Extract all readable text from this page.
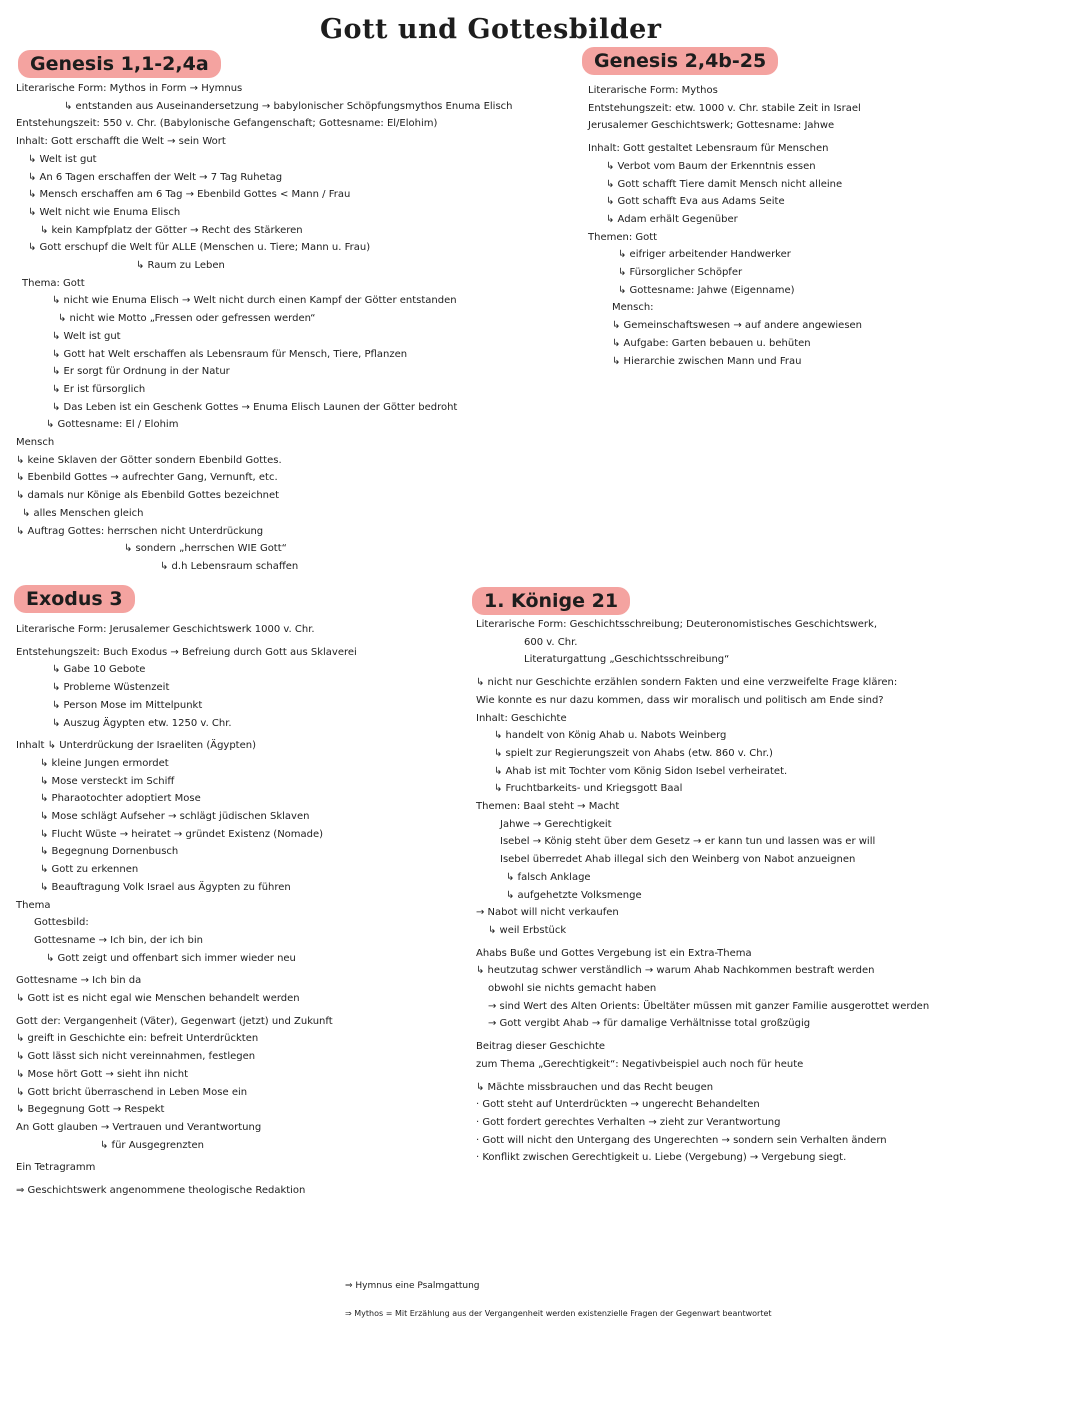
Gott und Gottesbilder
Genesis 1,1-2,4a
Literarische Form: Mythos in Form → Hymnus
↳ entstanden aus Auseinandersetzung → babylonischer Schöpfungsmythos Enuma Elisch
Entstehungszeit: 550 v. Chr. (Babylonische Gefangenschaft; Gottesname: El/Elohim)
Inhalt: Gott erschafft die Welt → sein Wort
↳ Welt ist gut
↳ An 6 Tagen erschaffen der Welt → 7 Tag Ruhetag
↳ Mensch erschaffen am 6 Tag → Ebenbild Gottes < Mann / Frau
↳ Welt nicht wie Enuma Elisch
↳ kein Kampfplatz der Götter → Recht des Stärkeren
↳ Gott erschupf die Welt für ALLE (Menschen u. Tiere; Mann u. Frau)
↳ Raum zu Leben
Thema: Gott
↳ nicht wie Enuma Elisch → Welt nicht durch einen Kampf der Götter entstanden
↳ nicht wie Motto „Fressen oder gefressen werden“
↳ Welt ist gut
↳ Gott hat Welt erschaffen als Lebensraum für Mensch, Tiere, Pflanzen
↳ Er sorgt für Ordnung in der Natur
↳ Er ist fürsorglich
↳ Das Leben ist ein Geschenk Gottes → Enuma Elisch Launen der Götter bedroht
↳ Gottesname: El / Elohim
Mensch
↳ keine Sklaven der Götter sondern Ebenbild Gottes.
↳ Ebenbild Gottes → aufrechter Gang, Vernunft, etc.
↳ damals nur Könige als Ebenbild Gottes bezeichnet
↳ alles Menschen gleich
↳ Auftrag Gottes: herrschen nicht Unterdrückung
↳ sondern „herrschen WIE Gott“
↳ d.h Lebensraum schaffen
Genesis 2,4b-25
Literarische Form: Mythos
Entstehungszeit: etw. 1000 v. Chr. stabile Zeit in Israel
Jerusalemer Geschichtswerk; Gottesname: Jahwe
Inhalt: Gott gestaltet Lebensraum für Menschen
↳ Verbot vom Baum der Erkenntnis essen
↳ Gott schafft Tiere damit Mensch nicht alleine
↳ Gott schafft Eva aus Adams Seite
↳ Adam erhält Gegenüber
Themen: Gott
↳ eifriger arbeitender Handwerker
↳ Fürsorglicher Schöpfer
↳ Gottesname: Jahwe (Eigenname)
Mensch:
↳ Gemeinschaftswesen → auf andere angewiesen
↳ Aufgabe: Garten bebauen u. behüten
↳ Hierarchie zwischen Mann und Frau
Exodus 3
Literarische Form: Jerusalemer Geschichtswerk 1000 v. Chr.
Entstehungszeit: Buch Exodus → Befreiung durch Gott aus Sklaverei
↳ Gabe 10 Gebote
↳ Probleme Wüstenzeit
↳ Person Mose im Mittelpunkt
↳ Auszug Ägypten etw. 1250 v. Chr.
Inhalt ↳ Unterdrückung der Israeliten (Ägypten)
↳ kleine Jungen ermordet
↳ Mose versteckt im Schiff
↳ Pharaotochter adoptiert Mose
↳ Mose schlägt Aufseher → schlägt jüdischen Sklaven
↳ Flucht Wüste → heiratet → gründet Existenz (Nomade)
↳ Begegnung Dornenbusch
↳ Gott zu erkennen
↳ Beauftragung Volk Israel aus Ägypten zu führen
Thema
Gottesbild:
Gottesname → Ich bin, der ich bin
↳ Gott zeigt und offenbart sich immer wieder neu
Gottesname → Ich bin da
↳ Gott ist es nicht egal wie Menschen behandelt werden
Gott der: Vergangenheit (Väter), Gegenwart (jetzt) und Zukunft
↳ greift in Geschichte ein: befreit Unterdrückten
↳ Gott lässt sich nicht vereinnahmen, festlegen
↳ Mose hört Gott → sieht ihn nicht
↳ Gott bricht überraschend in Leben Mose ein
↳ Begegnung Gott → Respekt
An Gott glauben → Vertrauen und Verantwortung
↳ für Ausgegrenzten
Ein Tetragramm
⇒ Geschichtswerk angenommene theologische Redaktion
1. Könige 21
Literarische Form: Geschichtsschreibung; Deuteronomistisches Geschichtswerk,
600 v. Chr.
Literaturgattung „Geschichtsschreibung“
↳ nicht nur Geschichte erzählen sondern Fakten und eine verzweifelte Frage klären:
Wie konnte es nur dazu kommen, dass wir moralisch und politisch am Ende sind?
Inhalt: Geschichte
↳ handelt von König Ahab u. Nabots Weinberg
↳ spielt zur Regierungszeit von Ahabs (etw. 860 v. Chr.)
↳ Ahab ist mit Tochter vom König Sidon Isebel verheiratet.
↳ Fruchtbarkeits- und Kriegsgott Baal
Themen: Baal steht → Macht
Jahwe → Gerechtigkeit
Isebel → König steht über dem Gesetz → er kann tun und lassen was er will
Isebel überredet Ahab illegal sich den Weinberg von Nabot anzueignen
↳ falsch Anklage
↳ aufgehetzte Volksmenge
→ Nabot will nicht verkaufen
↳ weil Erbstück
Ahabs Buße und Gottes Vergebung ist ein Extra-Thema
↳ heutzutag schwer verständlich → warum Ahab Nachkommen bestraft werden
obwohl sie nichts gemacht haben
→ sind Wert des Alten Orients: Übeltäter müssen mit ganzer Familie ausgerottet werden
→ Gott vergibt Ahab → für damalige Verhältnisse total großzügig
Beitrag dieser Geschichte
zum Thema „Gerechtigkeit“: Negativbeispiel auch noch für heute
↳ Mächte missbrauchen und das Recht beugen
· Gott steht auf Unterdrückten → ungerecht Behandelten
· Gott fordert gerechtes Verhalten → zieht zur Verantwortung
· Gott will nicht den Untergang des Ungerechten → sondern sein Verhalten ändern
· Konflikt zwischen Gerechtigkeit u. Liebe (Vergebung) → Vergebung siegt.
⇒ Hymnus eine Psalmgattung
⇒ Mythos = Mit Erzählung aus der Vergangenheit werden existenzielle Fragen der Gegenwart beantwortet
